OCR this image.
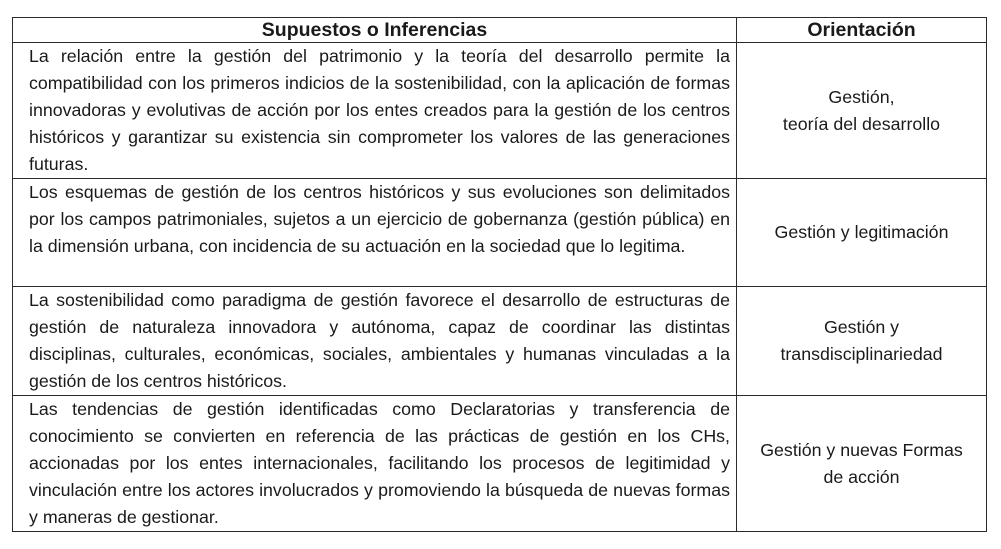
Supuestos o Inferencias	Orientación
La relación entre la gestión del patrimonio y la teoría del desarrollo permite la compatibilidad con los primeros indicios de la sostenibilidad, con la aplicación de formas innovadoras y evolutivas de acción por los entes creados para la gestión de los centros históricos y garantizar su existencia sin comprometer los valores de las generaciones futuras.	Gestión,
teoría del desarrollo

Los esquemas de gestión de los centros históricos y sus evoluciones son delimitados por los campos patrimoniales, sujetos a un ejercicio de gobernanza (gestión pública) en la dimensión urbana, con incidencia de su actuación en la sociedad que lo legitima.	Gestión y legitimación

La sostenibilidad como paradigma de gestión favorece el desarrollo de estructuras de gestión de naturaleza innovadora y autónoma, capaz de coordinar las distintas disciplinas, culturales, económicas, sociales, ambientales y humanas vinculadas a la gestión de los centros históricos.	Gestión y
transdisciplinariedad

Las tendencias de gestión identificadas como Declaratorias y transferencia de conocimiento se convierten en referencia de las prácticas de gestión en los CHs, accionadas por los entes internacionales, facilitando los procesos de legitimidad y vinculación entre los actores involucrados y promoviendo la búsqueda de nuevas formas y maneras de gestionar.	Gestión y nuevas Formas
de acción
